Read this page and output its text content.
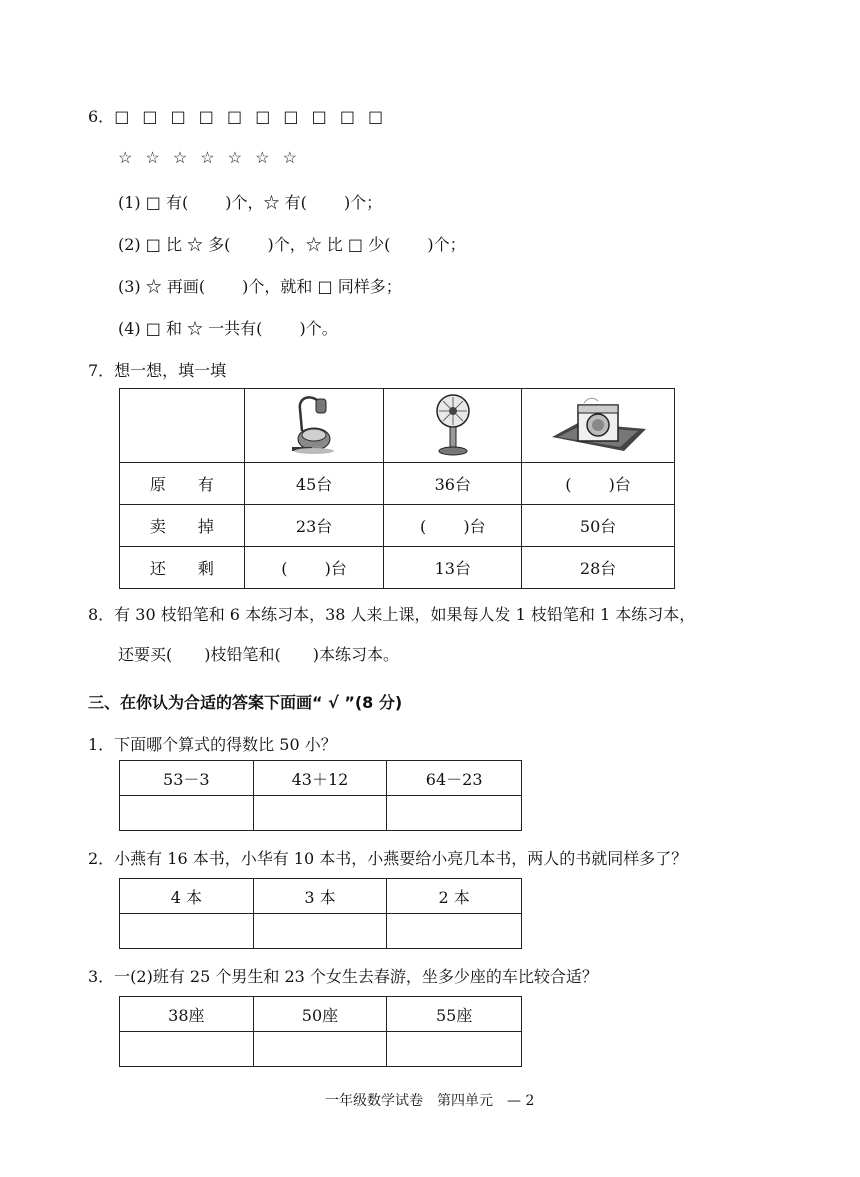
6．□ □ □ □ □ □ □ □ □ □
☆ ☆ ☆ ☆ ☆ ☆ ☆
(1) □ 有(　　 )个，☆ 有(　　 )个；
(2) □ 比 ☆ 多(　　 )个，☆ 比 □ 少(　　 )个；
(3) ☆ 再画(　　 )个，就和 □ 同样多；
(4) □ 和 ☆ 一共有(　　 )个。
7．想一想，填一填

原　　有	45台	36台	(　　 )台
卖　　掉	23台	(　　 )台	50台
还　　剩	(　　 )台	13台	28台
8．有 30 枝铅笔和 6 本练习本，38 人来上课，如果每人发 1 枝铅笔和 1 本练习本，
还要买(　　)枝铅笔和(　　)本练习本。
三、在你认为合适的答案下面画“ √ ”(8 分)
1．下面哪个算式的得数比 50 小？
53－3	43＋12	64－23

2．小燕有 16 本书，小华有 10 本书，小燕要给小亮几本书，两人的书就同样多了？
4 本	3 本	2 本

3．一(2)班有 25 个男生和 23 个女生去春游，坐多少座的车比较合适？
38座	50座	55座

一年级数学试卷　第四单元　— 2
